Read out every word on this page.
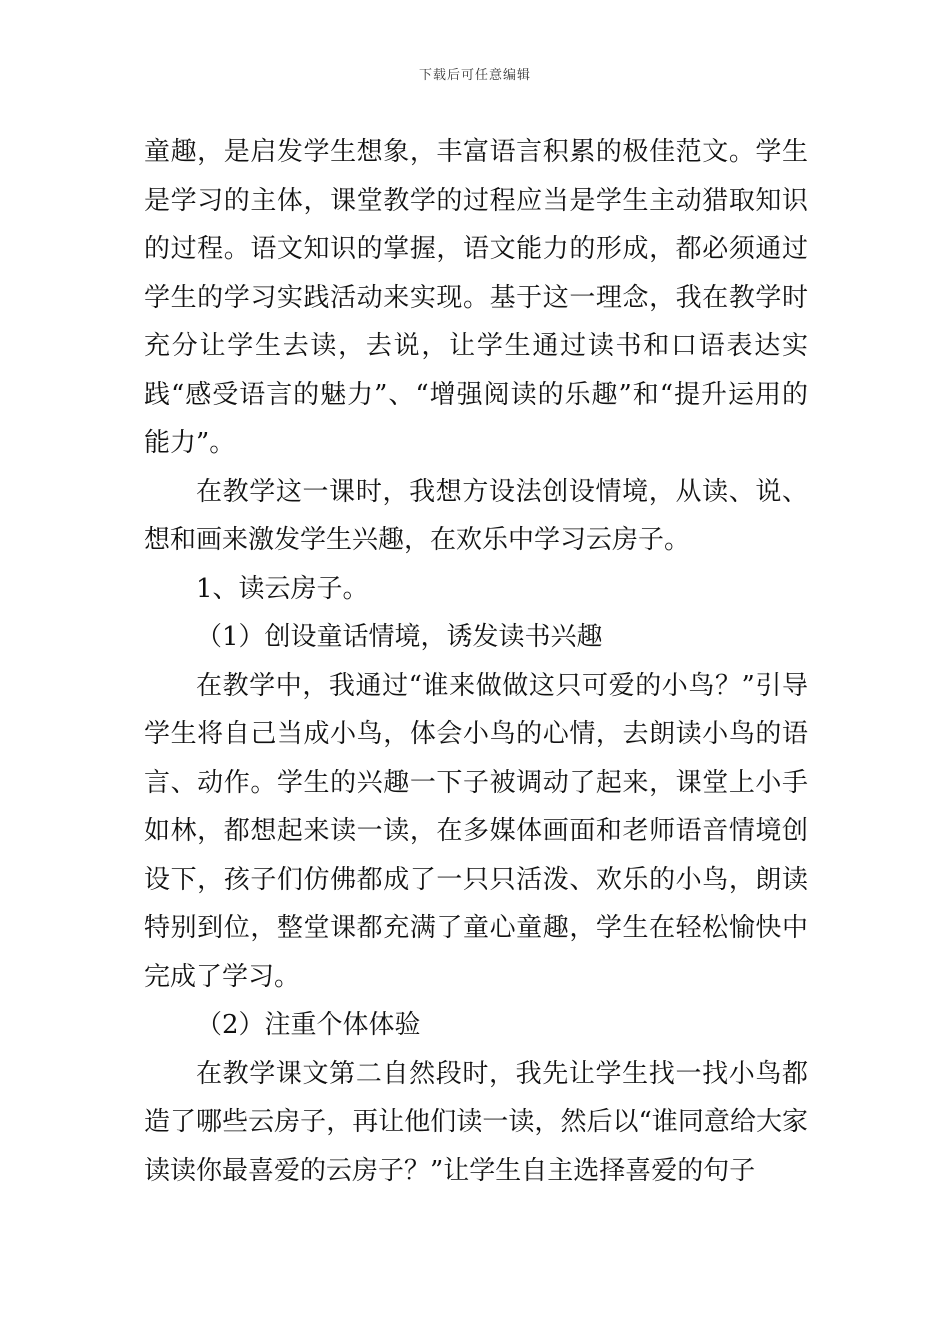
下载后可任意编辑

童趣，是启发学生想象，丰富语言积累的极佳范文。学生是学习的主体，课堂教学的过程应当是学生主动猎取知识的过程。语文知识的掌握，语文能力的形成，都必须通过学生的学习实践活动来实现。基于这一理念，我在教学时充分让学生去读，去说，让学生通过读书和口语表达实践“感受语言的魅力”、“增强阅读的乐趣”和“提升运用的能力”。

在教学这一课时，我想方设法创设情境，从读、说、想和画来激发学生兴趣，在欢乐中学习云房子。

1、读云房子。

（1）创设童话情境，诱发读书兴趣

在教学中，我通过“谁来做做这只可爱的小鸟？”引导学生将自己当成小鸟，体会小鸟的心情，去朗读小鸟的语言、动作。学生的兴趣一下子被调动了起来，课堂上小手如林，都想起来读一读，在多媒体画面和老师语音情境创设下，孩子们仿佛都成了一只只活泼、欢乐的小鸟，朗读特别到位，整堂课都充满了童心童趣，学生在轻松愉快中完成了学习。

（2）注重个体体验

在教学课文第二自然段时，我先让学生找一找小鸟都造了哪些云房子，再让他们读一读，然后以“谁同意给大家读读你最喜爱的云房子？”让学生自主选择喜爱的句子
